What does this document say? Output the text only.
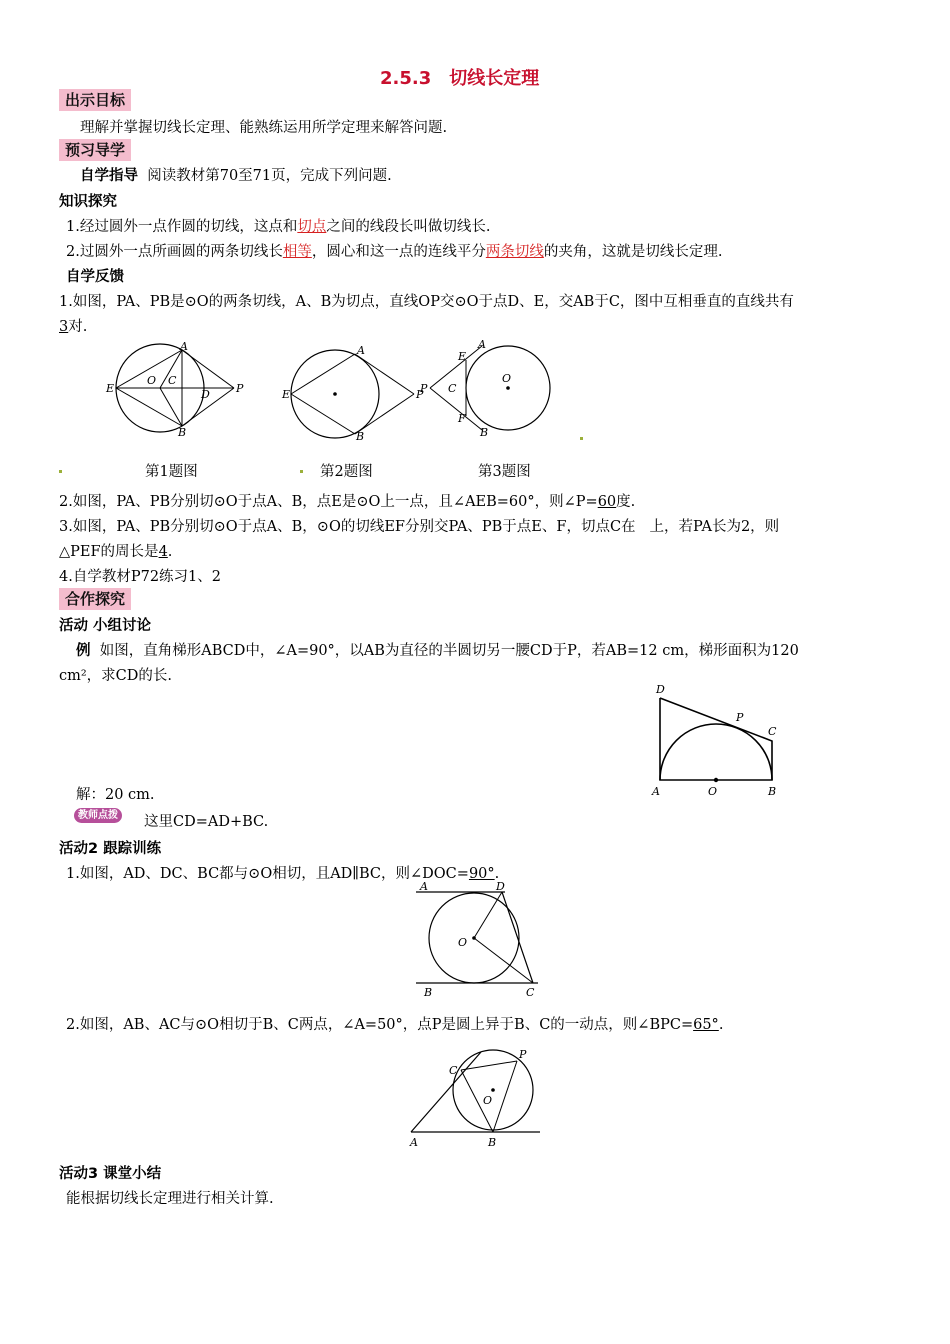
2.5.3　切线长定理
出示目标
理解并掌握切线长定理、能熟练运用所学定理来解答问题.
预习导学
自学指导 阅读教材第70至71页，完成下列问题.
知识探究
1.经过圆外一点作圆的切线，这点和切点之间的线段长叫做切线长.
2.过圆外一点所画圆的两条切线长相等，圆心和这一点的连线平分两条切线的夹角，这就是切线长定理.
自学反馈
1.如图，PA、PB是⊙O的两条切线，A、B为切点，直线OP交⊙O于点D、E，交AB于C，图中互相垂直的直线共有
3对.
A
B
C
D
E
O
P
A
B
E	P
A
B
C
E
F
O
P
第1题图	第2题图	第3题图
2.如图，PA、PB分别切⊙O于点A、B，点E是⊙O上一点，且∠AEB=60°，则∠P=60度.
3.如图，PA、PB分别切⊙O于点A、B，⊙O的切线EF分别交PA、PB于点E、F，切点C在 上，若PA长为2，则
△PEF的周长是4.
4.自学教材P72练习1、2
合作探究
活动 小组讨论
例 如图，直角梯形ABCD中，∠A=90°，以AB为直径的半圆切另一腰CD于P，若AB=12 cm，梯形面积为120
cm²，求CD的长.
D
P
C
A	O	B
解：20 cm.
教师点拨 这里CD=AD+BC.
活动2 跟踪训练
1.如图，AD、DC、BC都与⊙O相切，且AD∥BC，则∠DOC=90°.
A	D
O
B	C
2.如图，AB、AC与⊙O相切于B、C两点，∠A=50°，点P是圆上异于B、C的一动点，则∠BPC=65°.
C
P
O
A	B
活动3 课堂小结
能根据切线长定理进行相关计算.
